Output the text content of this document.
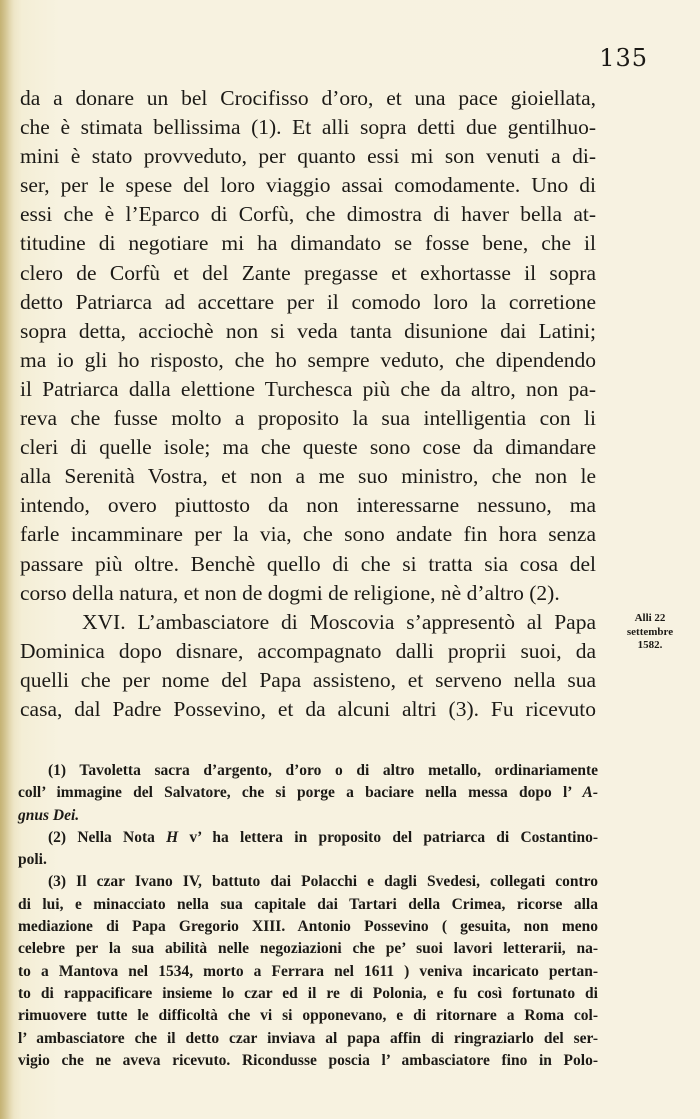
135
da a donare un bel Crocifisso d’oro, et una pace gioiellata,
che è stimata bellissima (1). Et alli sopra detti due gentilhuo-
mini è stato provveduto, per quanto essi mi son venuti a di-
ser, per le spese del loro viaggio assai comodamente. Uno di
essi che è l’Eparco di Corfù, che dimostra di haver bella at-
titudine di negotiare mi ha dimandato se fosse bene, che il
clero de Corfù et del Zante pregasse et exhortasse il sopra
detto Patriarca ad accettare per il comodo loro la corretione
sopra detta, acciochè non si veda tanta disunione dai Latini;
ma io gli ho risposto, che ho sempre veduto, che dipendendo
il Patriarca dalla elettione Turchesca più che da altro, non pa-
reva che fusse molto a proposito la sua intelligentia con li
cleri di quelle isole; ma che queste sono cose da dimandare
alla Serenità Vostra, et non a me suo ministro, che non le
intendo, overo piuttosto da non interessarne nessuno, ma
farle incamminare per la via, che sono andate fin hora senza
passare più oltre. Benchè quello di che si tratta sia cosa del
corso della natura, et non de dogmi de religione, nè d’altro (2).
XVI. L’ambasciatore di Moscovia s’appresentò al Papa
Dominica dopo disnare, accompagnato dalli proprii suoi, da
quelli che per nome del Papa assisteno, et serveno nella sua
casa, dal Padre Possevino, et da alcuni altri (3). Fu ricevuto
Alli 22
settembre
1582.
(1) Tavoletta sacra d’argento, d’oro o di altro metallo, ordinariamente
coll’ immagine del Salvatore, che si porge a baciare nella messa dopo l’ A-
gnus Dei.
(2) Nella Nota H v’ ha lettera in proposito del patriarca di Costantino-
poli.
(3) Il czar Ivano IV, battuto dai Polacchi e dagli Svedesi, collegati contro
di lui, e minacciato nella sua capitale dai Tartari della Crimea, ricorse alla
mediazione di Papa Gregorio XIII. Antonio Possevino ( gesuita, non meno
celebre per la sua abilità nelle negoziazioni che pe’ suoi lavori letterarii, na-
to a Mantova nel 1534, morto a Ferrara nel 1611 ) veniva incaricato pertan-
to di rappacificare insieme lo czar ed il re di Polonia, e fu così fortunato di
rimuovere tutte le difficoltà che vi si opponevano, e di ritornare a Roma col-
l’ ambasciatore che il detto czar inviava al papa affin di ringraziarlo del ser-
vigio che ne aveva ricevuto. Ricondusse poscia l’ ambasciatore fino in Polo-
